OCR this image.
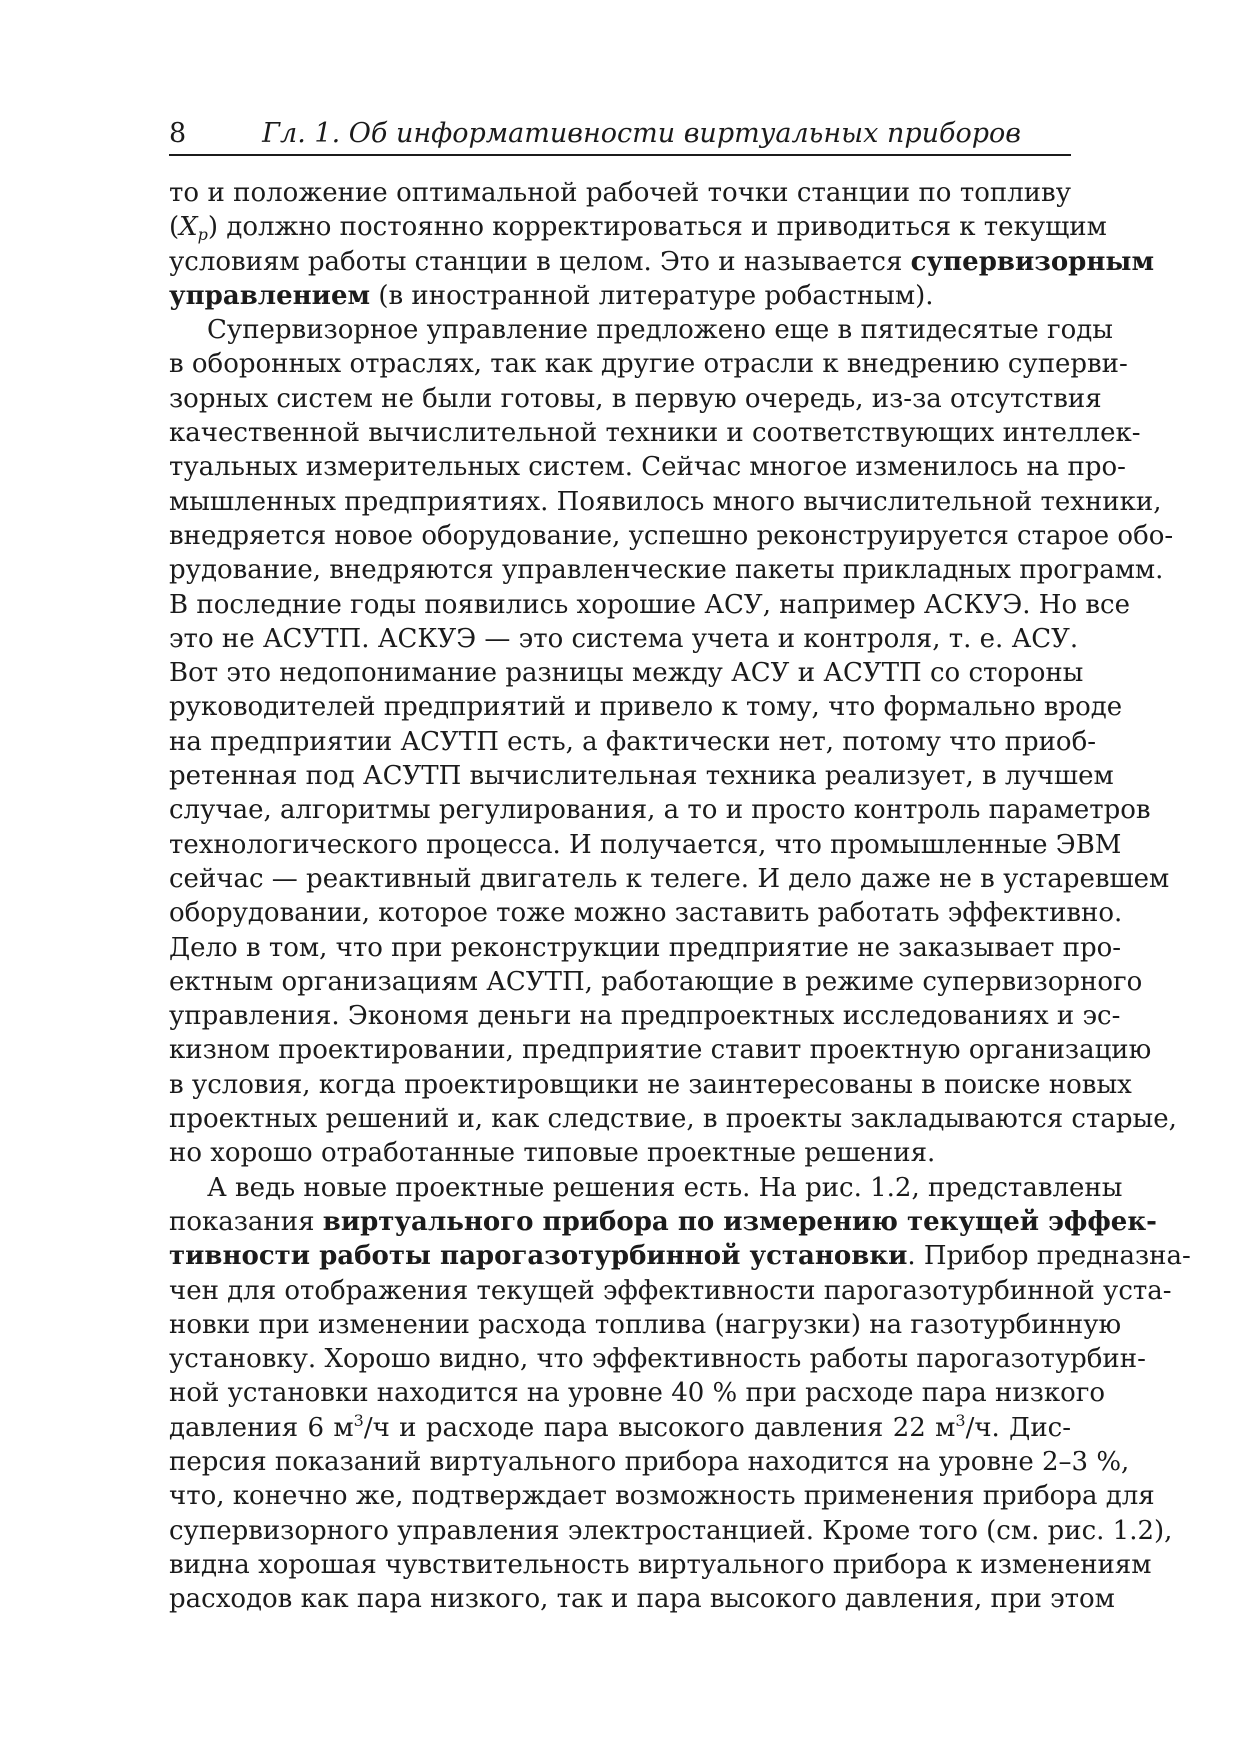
8	Гл. 1. Об информативности виртуальных приборов

то и положение оптимальной рабочей точки станции по топливу
$(X_p)$ должно постоянно корректироваться и приводиться к текущим
условиям работы станции в целом. Это и называется супервизорным
управлением (в иностранной литературе робастным).

Супервизорное управление предложено еще в пятидесятые годы
в оборонных отраслях, так как другие отрасли к внедрению суперви-
зорных систем не были готовы, в первую очередь, из-за отсутствия
качественной вычислительной техники и соответствующих интеллек-
туальных измерительных систем. Сейчас многое изменилось на про-
мышленных предприятиях. Появилось много вычислительной техники,
внедряется новое оборудование, успешно реконструируется старое обо-
рудование, внедряются управленческие пакеты прикладных программ.
В последние годы появились хорошие АСУ, например АСКУЭ. Но все
это не АСУТП. АСКУЭ — это система учета и контроля, т. е. АСУ.
Вот это недопонимание разницы между АСУ и АСУТП со стороны
руководителей предприятий и привело к тому, что формально вроде
на предприятии АСУТП есть, а фактически нет, потому что приоб-
ретенная под АСУТП вычислительная техника реализует, в лучшем
случае, алгоритмы регулирования, а то и просто контроль параметров
технологического процесса. И получается, что промышленные ЭВМ
сейчас — реактивный двигатель к телеге. И дело даже не в устаревшем
оборудовании, которое тоже можно заставить работать эффективно.
Дело в том, что при реконструкции предприятие не заказывает про-
ектным организациям АСУТП, работающие в режиме супервизорного
управления. Экономя деньги на предпроектных исследованиях и эс-
кизном проектировании, предприятие ставит проектную организацию
в условия, когда проектировщики не заинтересованы в поиске новых
проектных решений и, как следствие, в проекты закладываются старые,
но хорошо отработанные типовые проектные решения.

А ведь новые проектные решения есть. На рис. 1.2, представлены
показания виртуального прибора по измерению текущей эффек-
тивности работы парогазотурбинной установки. Прибор предназна-
чен для отображения текущей эффективности парогазотурбинной уста-
новки при изменении расхода топлива (нагрузки) на газотурбинную
установку. Хорошо видно, что эффективность работы парогазотурбин-
ной установки находится на уровне 40 % при расходе пара низкого
давления 6 $м^3/ч$ и расходе пара высокого давления 22 $м^3/ч$. Дис-
персия показаний виртуального прибора находится на уровне 2–3 %,
что, конечно же, подтверждает возможность применения прибора для
супервизорного управления электростанцией. Кроме того (см. рис. 1.2),
видна хорошая чувствительность виртуального прибора к изменениям
расходов как пара низкого, так и пара высокого давления, при этом
